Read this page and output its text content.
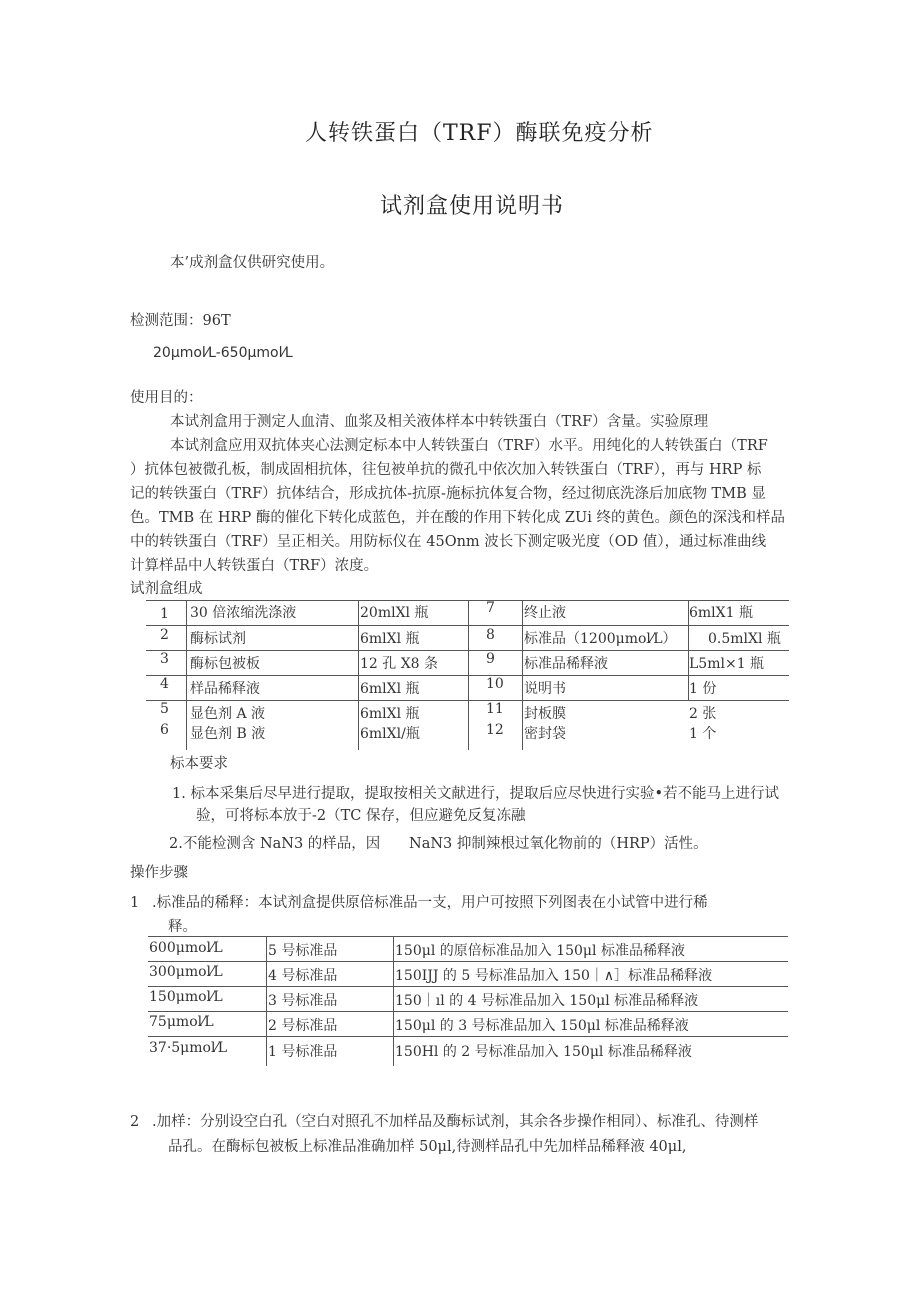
人转铁蛋白（TRF）酶联免疫分析
试剂盒使用说明书
本’成剂盒仅供研究使用。
检测范围：96T
20μmol⁄L-650μmol⁄L
使用目的：
本试剂盒用于测定人血清、血浆及相关液体样本中转铁蛋白（TRF）含量。实验原理
本试剂盒应用双抗体夹心法测定标本中人转铁蛋白（TRF）水平。用纯化的人转铁蛋白（TRF
）抗体包被微孔板，制成固相抗体，往包被单抗的微孔中依次加入转铁蛋白（TRF），再与 HRP 标
记的转铁蛋白（TRF）抗体结合，形成抗体-抗原-施标抗体复合物，经过彻底洗涤后加底物 TMB 显
色。TMB 在 HRP 酶的催化下转化成蓝色，并在酸的作用下转化成 ZUi 终的黄色。颜色的深浅和样品
中的转铁蛋白（TRF）呈正相关。用防标仪在 45Onm 波长下测定吸光度（OD 值），通过标准曲线
计算样品中人转铁蛋白（TRF）浓度。
试剂盒组成
1 30 倍浓缩洗涤液	20mlXl 瓶	7 终止液	6mlX1 瓶
2 酶标试剂	6mlXl 瓶	8 标准品（1200μmol⁄L） 0.5mlXl 瓶
3 酶标包被板	12 孔 X8 条	9 标准品稀释液	L5ml×1 瓶
4 样品稀释液	6mlXl 瓶	10 说明书	1 份
5 显色剂 A 液	6mlXl 瓶	11 封板膜	2 张
6 显色剂 B 液	6mlXl/瓶	12 密封袋	1 个
标本要求
1. 标本采集后尽早进行提取，提取按相关文献进行，提取后应尽快进行实验•若不能马上进行试
验，可将标本放于-2（TC 保存，但应避免反复冻融
2.不能检测含 NaN3 的样品，因 NaN3 抑制辣根过氧化物前的（HRP）活性。
操作步骤
1 .标准品的稀释：本试剂盒提供原倍标准品一支，用户可按照下列图表在小试管中进行稀
释。
600μmol⁄L	5 号标准品	150μl 的原倍标准品加入 150μl 标准品稀释液
300μmol⁄L	4 号标准品	150IJJ 的 5 号标准品加入 150｜∧］标准品稀释液
150μmol⁄L	3 号标准品	150｜ıl 的 4 号标准品加入 150μl 标准品稀释液
75μmol⁄L	2 号标准品	150μl 的 3 号标准品加入 150μl 标准品稀释液
37·5μmol⁄L	1 号标准品	150Hl 的 2 号标准品加入 150μl 标准品稀释液
2 .加样：分别设空白孔（空白对照孔不加样品及酶标试剂，其余各步操作相同）、标准孔、待测样
品孔。在酶标包被板上标准品准确加样 50μl,待测样品孔中先加样品稀释液 40μl,
